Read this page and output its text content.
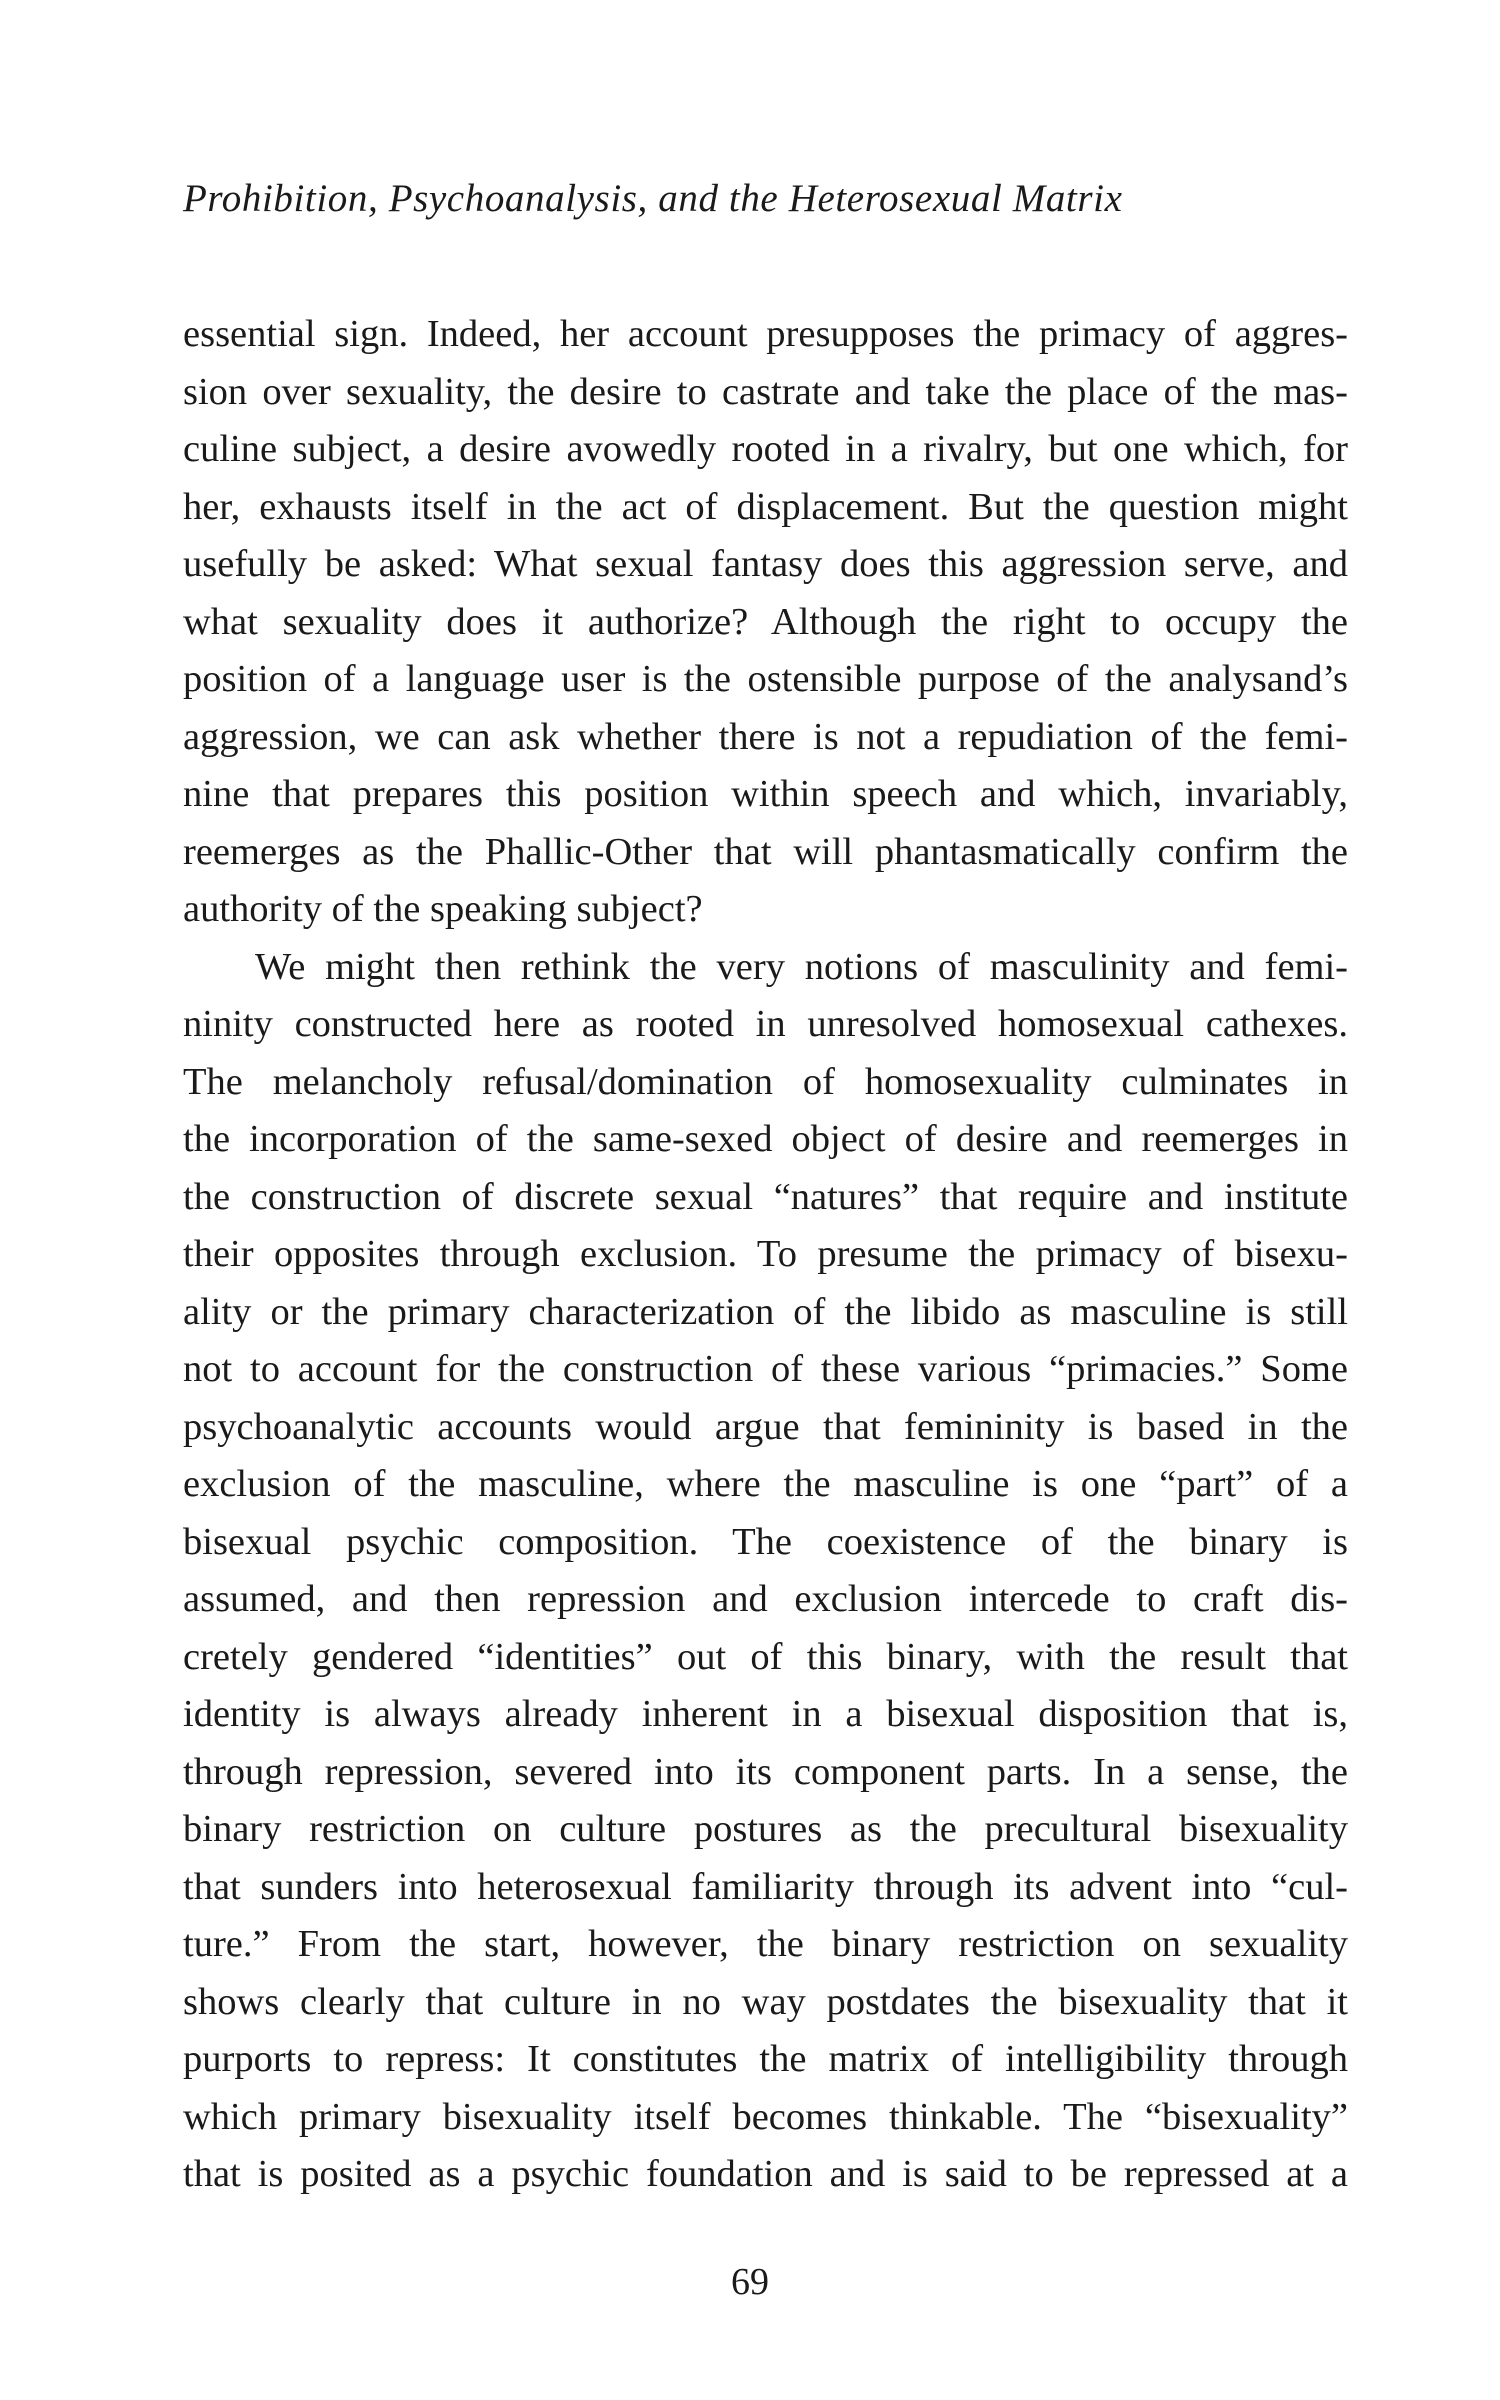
Prohibition, Psychoanalysis, and the Heterosexual Matrix
essential sign. Indeed, her account presupposes the primacy of aggres-
sion over sexuality, the desire to castrate and take the place of the mas-
culine subject, a desire avowedly rooted in a rivalry, but one which, for
her, exhausts itself in the act of displacement. But the question might
usefully be asked: What sexual fantasy does this aggression serve, and
what sexuality does it authorize? Although the right to occupy the
position of a language user is the ostensible purpose of the analysand’s
aggression, we can ask whether there is not a repudiation of the femi-
nine that prepares this position within speech and which, invariably,
reemerges as the Phallic-Other that will phantasmatically confirm the
authority of the speaking subject?
We might then rethink the very notions of masculinity and femi-
ninity constructed here as rooted in unresolved homosexual cathexes.
The melancholy refusal/domination of homosexuality culminates in
the incorporation of the same-sexed object of desire and reemerges in
the construction of discrete sexual “natures” that require and institute
their opposites through exclusion. To presume the primacy of bisexu-
ality or the primary characterization of the libido as masculine is still
not to account for the construction of these various “primacies.” Some
psychoanalytic accounts would argue that femininity is based in the
exclusion of the masculine, where the masculine is one “part” of a
bisexual psychic composition. The coexistence of the binary is
assumed, and then repression and exclusion intercede to craft dis-
cretely gendered “identities” out of this binary, with the result that
identity is always already inherent in a bisexual disposition that is,
through repression, severed into its component parts. In a sense, the
binary restriction on culture postures as the precultural bisexuality
that sunders into heterosexual familiarity through its advent into “cul-
ture.” From the start, however, the binary restriction on sexuality
shows clearly that culture in no way postdates the bisexuality that it
purports to repress: It constitutes the matrix of intelligibility through
which primary bisexuality itself becomes thinkable. The “bisexuality”
that is posited as a psychic foundation and is said to be repressed at a
69
